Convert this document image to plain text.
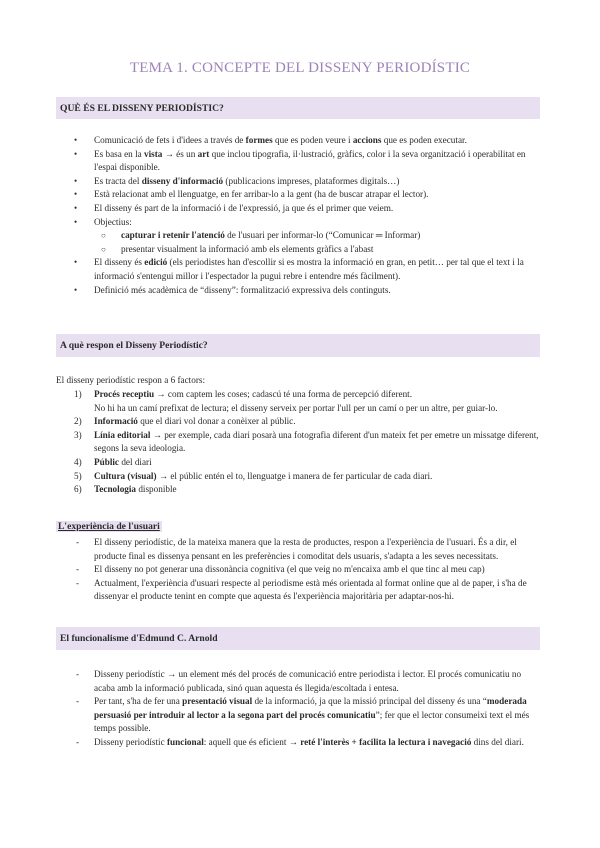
TEMA 1. CONCEPTE DEL DISSENY PERIODÍSTIC
QUÈ ÉS EL DISSENY PERIODÍSTIC?
• Comunicació de fets i d'idees a través de formes que es poden veure i accions que es poden executar.
• Es basa en la vista → és un art que inclou tipografia, il·lustració, gràfics, color i la seva organització i operabilitat en l'espai disponible.
• Es tracta del disseny d'informació (publicacions impreses, plataformes digitals…)
• Està relacionat amb el llenguatge, en fer arribar-lo a la gent (ha de buscar atrapar el lector).
• El disseny és part de la informació i de l'expressió, ja que és el primer que veiem.
• Objectius:
○ capturar i retenir l'atenció de l'usuari per informar-lo (“Comunicar ═ Informar)
○ presentar visualment la informació amb els elements gràfics a l'abast
• El disseny és edició (els periodistes han d'escollir si es mostra la informació en gran, en petit… per tal que el text i la informació s'entengui millor i l'espectador la pugui rebre i entendre més fàcilment).
• Definició més acadèmica de “disseny”: formalització expressiva dels continguts.
A què respon el Disseny Periodístic?
El disseny periodístic respon a 6 factors:
1) Procés receptiu → com captem les coses; cadascú té una forma de percepció diferent.
No hi ha un camí prefixat de lectura; el disseny serveix per portar l'ull per un camí o per un altre, per guiar-lo.
2) Informació que el diari vol donar a conèixer al públic.
3) Línia editorial → per exemple, cada diari posarà una fotografia diferent d'un mateix fet per emetre un missatge diferent, segons la seva ideologia.
4) Públic del diari
5) Cultura (visual) → el públic entén el to, llenguatge i manera de fer particular de cada diari.
6) Tecnologia disponible
L'experiència de l'usuari
- El disseny periodístic, de la mateixa manera que la resta de productes, respon a l'experiència de l'usuari. És a dir, el producte final es dissenya pensant en les preferències i comoditat dels usuaris, s'adapta a les seves necessitats.
- El disseny no pot generar una dissonància cognitiva (el que veig no m'encaixa amb el que tinc al meu cap)
- Actualment, l'experiència d'usuari respecte al periodisme està més orientada al format online que al de paper, i s'ha de dissenyar el producte tenint en compte que aquesta és l'experiència majoritària per adaptar-nos-hi.
El funcionalisme d'Edmund C. Arnold
- Disseny periodístic → un element més del procés de comunicació entre periodista i lector. El procés comunicatiu no acaba amb la informació publicada, sinó quan aquesta és llegida/escoltada i entesa.
- Per tant, s'ha de fer una presentació visual de la informació, ja que la missió principal del disseny és una “moderada persuasió per introduir al lector a la segona part del procés comunicatiu”; fer que el lector consumeixi text el més temps possible.
- Disseny periodístic funcional: aquell que és eficient → reté l'interès + facilita la lectura i navegació dins del diari.
